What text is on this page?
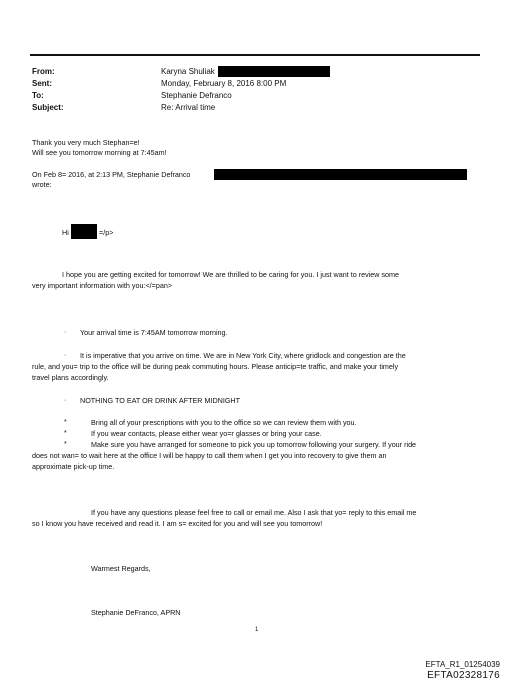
From:	Karyna Shuliak
Sent:	Monday, February 8, 2016 8:00 PM
To:	Stephanie Defranco
Subject:	Re: Arrival time
Thank you very much Stephan=e!
Will see you tomorrow morning at 7:45am!
On Feb 8= 2016, at 2:13 PM, Stephanie Defranco
wrote:
Hi	=/p>
I hope you are getting excited for tomorrow! We are thrilled to be caring for you. I just want to review some
very important information with you:</=pan>
· Your arrival time is 7:45AM tomorrow morning.
· It is imperative that you arrive on time. We are in New York City, where gridlock and congestion are the
rule, and you= trip to the office will be during peak commuting hours. Please anticip=te traffic, and make your timely
travel plans accordingly.
· NOTHING TO EAT OR DRINK AFTER MIDNIGHT
*	Bring all of your prescriptions with you to the office so we can review them with you.
*	If you wear contacts, please either wear yo=r glasses or bring your case.
*	Make sure you have arranged for someone to pick you up tomorrow following your surgery. If your ride
does not wan= to wait here at the office I will be happy to call them when I get you into recovery to give them an
approximate pick-up time.
If you have any questions please feel free to call or email me. Also I ask that yo= reply to this email me
so I know you have received and read it. I am s= excited for you and will see you tomorrow!
Warmest Regards,
Stephanie DeFranco, APRN
1
EFTA_R1_01254039
EFTA02328176
